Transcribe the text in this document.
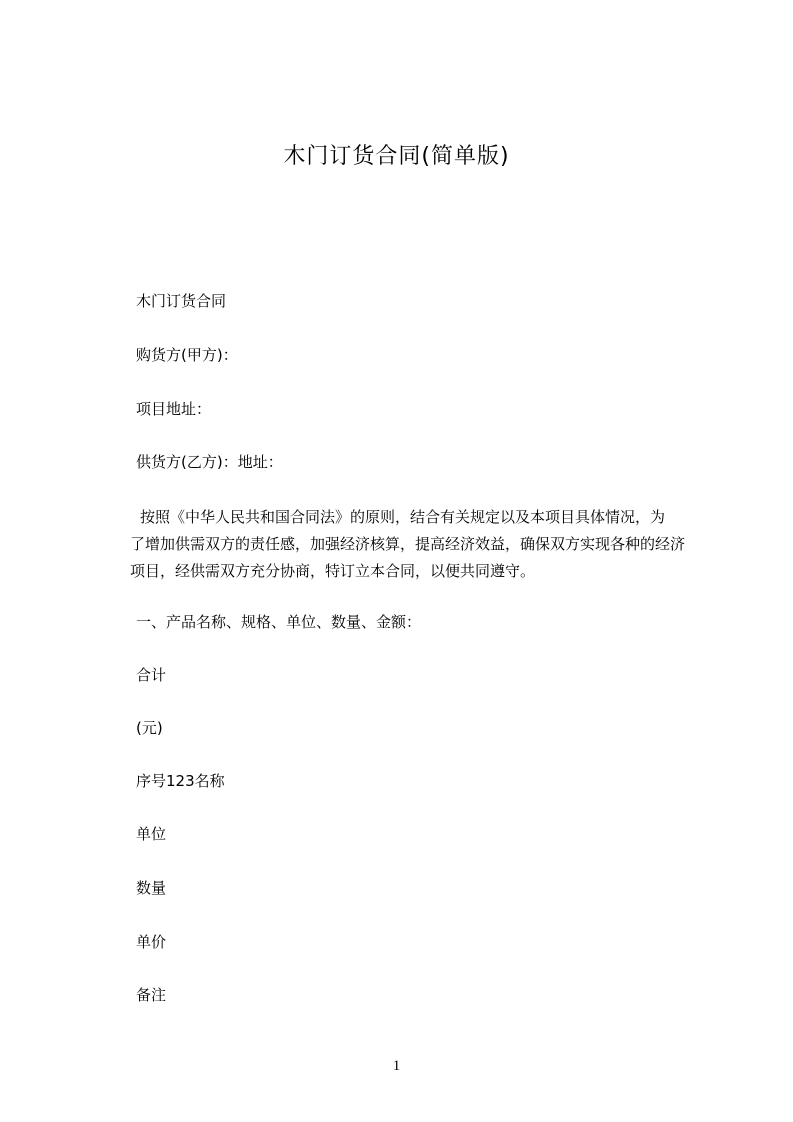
木门订货合同(简单版)
木门订货合同
购货方(甲方)：
项目地址：
供货方(乙方)：地址：
按照《中华人民共和国合同法》的原则，结合有关规定以及本项目具体情况，为
了增加供需双方的责任感，加强经济核算，提高经济效益，确保双方实现各种的经济
项目，经供需双方充分协商，特订立本合同，以便共同遵守。
一、产品名称、规格、单位、数量、金额：
合计
(元)
序号123名称
单位
数量
单价
备注
1
